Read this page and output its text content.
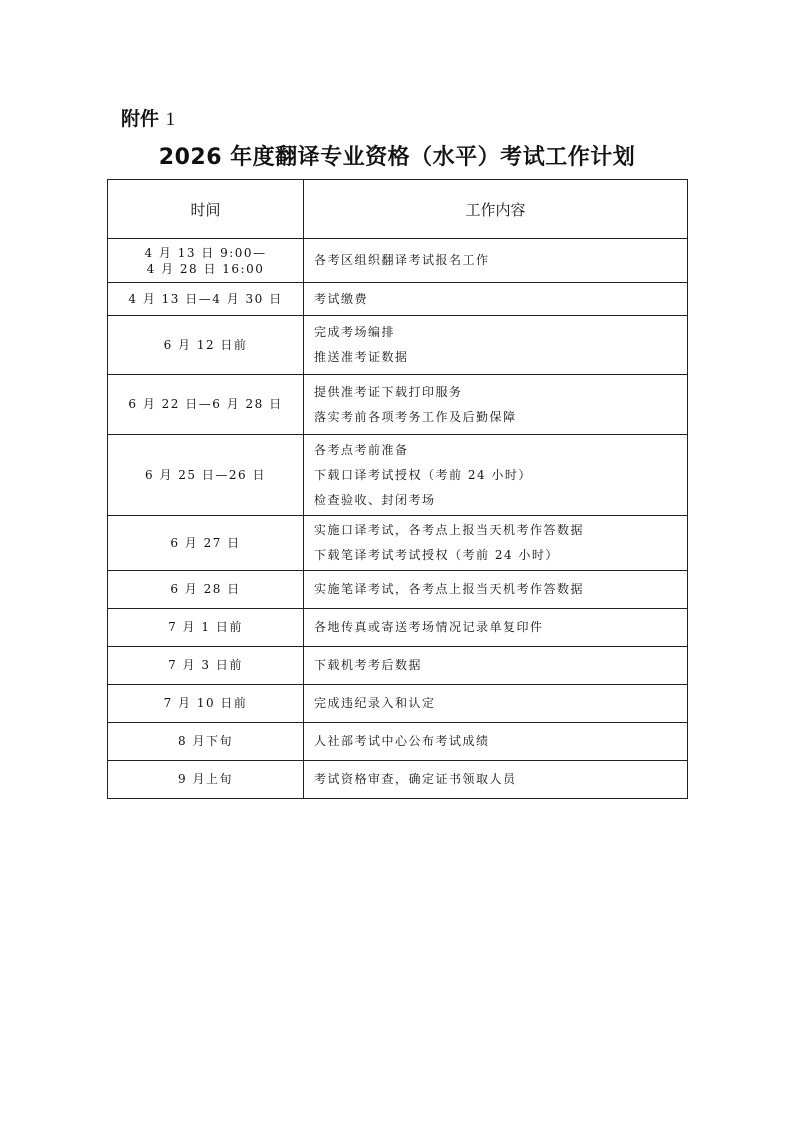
附件 1
2026 年度翻译专业资格（水平）考试工作计划
时间	工作内容

4 月 13 日 9:00—
4 月 28 日 16:00	各考区组织翻译考试报名工作

4 月 13 日—4 月 30 日	考试缴费

6 月 12 日前	完成考场编排
推送准考证数据

6 月 22 日—6 月 28 日	提供准考证下载打印服务
落实考前各项考务工作及后勤保障

6 月 25 日—26 日	各考点考前准备
下载口译考试授权（考前 24 小时）
检查验收、封闭考场

6 月 27 日	实施口译考试，各考点上报当天机考作答数据
下载笔译考试考试授权（考前 24 小时）

6 月 28 日	实施笔译考试，各考点上报当天机考作答数据

7 月 1 日前	各地传真或寄送考场情况记录单复印件

7 月 3 日前	下载机考考后数据

7 月 10 日前	完成违纪录入和认定

8 月下旬	人社部考试中心公布考试成绩

9 月上旬	考试资格审查，确定证书领取人员
